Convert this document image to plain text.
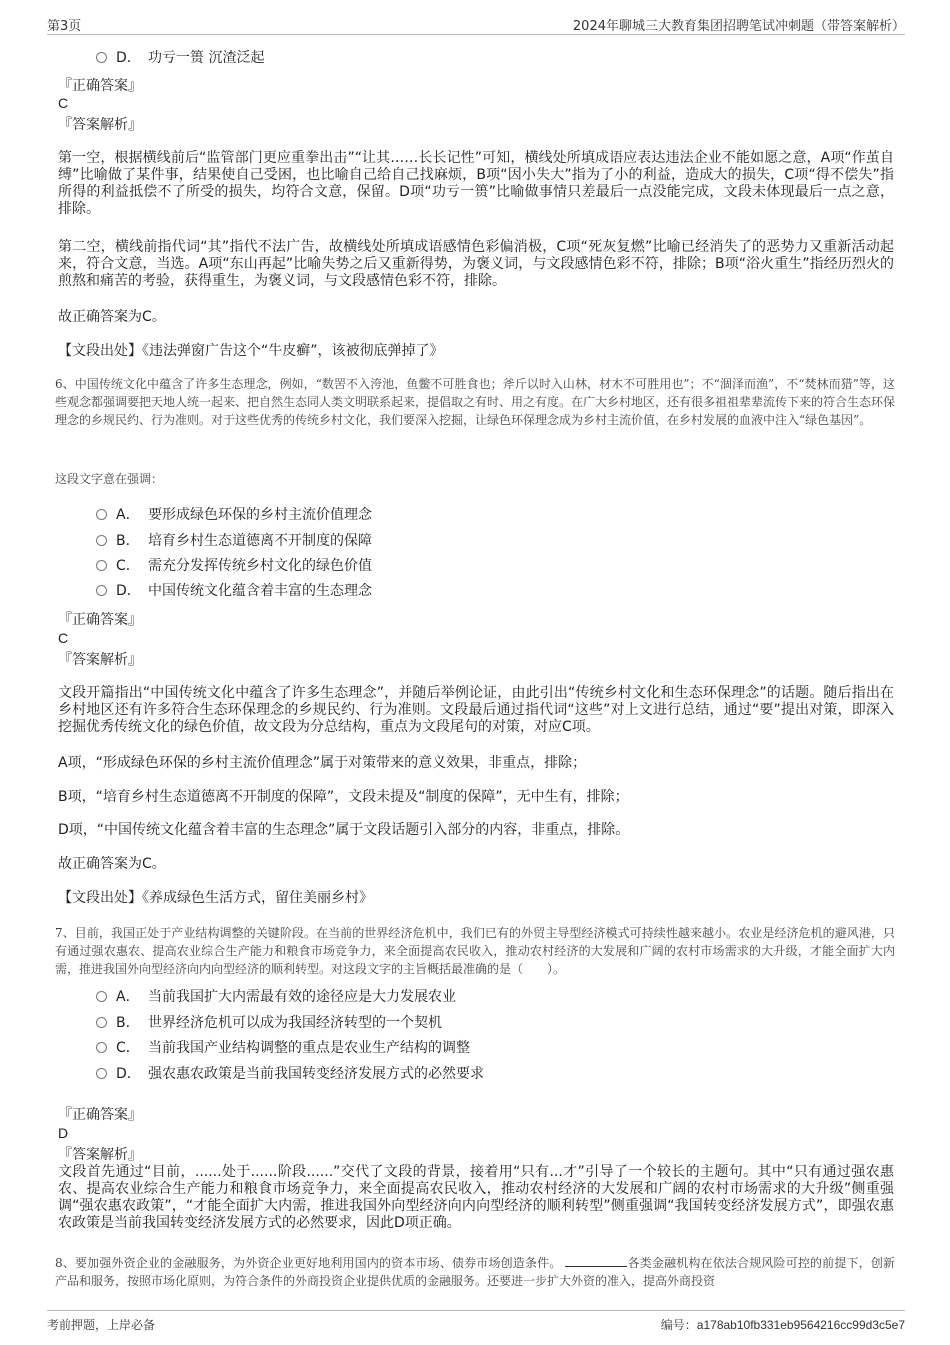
第3页	2024年聊城三大教育集团招聘笔试冲刺题（带答案解析）
D． 功亏一篑 沉渣泛起
『正确答案』
C
『答案解析』

第一空，根据横线前后“监管部门更应重拳出击”“让其……长长记性”可知，横线处所填成语应表达违法企业不能如愿之意，A项“作茧自缚”比喻做了某件事，结果使自己受困，也比喻自己给自己找麻烦，B项“因小失大”指为了小的利益，造成大的损失，C项“得不偿失”指所得的利益抵偿不了所受的损失，均符合文意，保留。D项“功亏一篑”比喻做事情只差最后一点没能完成，文段未体现最后一点之意，排除。

第二空，横线前指代词“其”指代不法广告，故横线处所填成语感情色彩偏消极，C项“死灰复燃”比喻已经消失了的恶势力又重新活动起来，符合文意，当选。A项“东山再起”比喻失势之后又重新得势，为褒义词，与文段感情色彩不符，排除；B项“浴火重生”指经历烈火的煎熬和痛苦的考验，获得重生，为褒义词，与文段感情色彩不符，排除。

故正确答案为C。

【文段出处】《违法弹窗广告这个“牛皮癣”，该被彻底弹掉了》

6、中国传统文化中蕴含了许多生态理念，例如，“数罟不入洿池，鱼鳖不可胜食也；斧斤以时入山林，材木不可胜用也”；不“涸泽而渔”，不“焚林而猎”等，这些观念都强调要把天地人统一起来、把自然生态同人类文明联系起来，提倡取之有时、用之有度。在广大乡村地区，还有很多祖祖辈辈流传下来的符合生态环保理念的乡规民约、行为准则。对于这些优秀的传统乡村文化，我们要深入挖掘，让绿色环保理念成为乡村主流价值，在乡村发展的血液中注入“绿色基因”。

这段文字意在强调：

A． 要形成绿色环保的乡村主流价值理念
B． 培育乡村生态道德离不开制度的保障
C． 需充分发挥传统乡村文化的绿色价值
D． 中国传统文化蕴含着丰富的生态理念
『正确答案』
C
『答案解析』

文段开篇指出“中国传统文化中蕴含了许多生态理念”，并随后举例论证，由此引出“传统乡村文化和生态环保理念”的话题。随后指出在乡村地区还有许多符合生态环保理念的乡规民约、行为准则。文段最后通过指代词“这些”对上文进行总结，通过“要”提出对策，即深入挖掘优秀传统文化的绿色价值，故文段为分总结构，重点为文段尾句的对策，对应C项。

A项，“形成绿色环保的乡村主流价值理念”属于对策带来的意义效果，非重点，排除；

B项，“培育乡村生态道德离不开制度的保障”，文段未提及“制度的保障”，无中生有，排除；

D项，“中国传统文化蕴含着丰富的生态理念”属于文段话题引入部分的内容，非重点，排除。

故正确答案为C。

【文段出处】《养成绿色生活方式，留住美丽乡村》

7、目前，我国正处于产业结构调整的关键阶段。在当前的世界经济危机中，我们已有的外贸主导型经济模式可持续性越来越小。农业是经济危机的避风港，只有通过强农惠农、提高农业综合生产能力和粮食市场竞争力，来全面提高农民收入，推动农村经济的大发展和广阔的农村市场需求的大升级，才能全面扩大内需，推进我国外向型经济向内向型经济的顺利转型。对这段文字的主旨概括最准确的是（　　）。

A． 当前我国扩大内需最有效的途径应是大力发展农业
B． 世界经济危机可以成为我国经济转型的一个契机
C． 当前我国产业结构调整的重点是农业生产结构的调整
D． 强农惠农政策是当前我国转变经济发展方式的必然要求
『正确答案』
D
『答案解析』

文段首先通过“目前，......处于......阶段......”交代了文段的背景，接着用“只有...才”引导了一个较长的主题句。其中“只有通过强农惠农、提高农业综合生产能力和粮食市场竞争力，来全面提高农民收入，推动农村经济的大发展和广阔的农村市场需求的大升级”侧重强调“强农惠农政策”，“才能全面扩大内需，推进我国外向型经济向内向型经济的顺利转型”侧重强调“我国转变经济发展方式”，即强农惠农政策是当前我国转变经济发展方式的必然要求，因此D项正确。

8、要加强外资企业的金融服务，为外资企业更好地利用国内的资本市场、债券市场创造条件。	各类金融机构在依法合规风险可控的前提下，创新产品和服务，按照市场化原则，为符合条件的外商投资企业提供优质的金融服务。还要进一步扩大外资的准入，提高外商投资

考前押题，上岸必备	编号：a178ab10fb331eb9564216cc99d3c5e7
